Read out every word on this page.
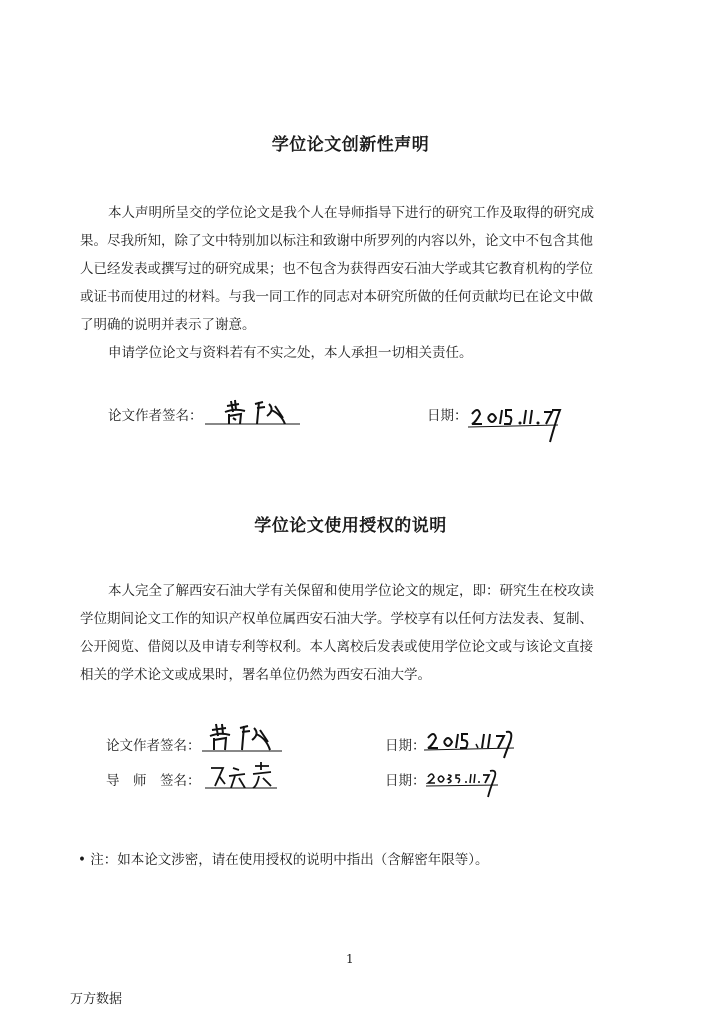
学位论文创新性声明
本人声明所呈交的学位论文是我个人在导师指导下进行的研究工作及取得的研究成
果。尽我所知，除了文中特别加以标注和致谢中所罗列的内容以外，论文中不包含其他
人已经发表或撰写过的研究成果；也不包含为获得西安石油大学或其它教育机构的学位
或证书而使用过的材料。与我一同工作的同志对本研究所做的任何贡献均已在论文中做
了明确的说明并表示了谢意。
申请学位论文与资料若有不实之处，本人承担一切相关责任。
论文作者签名：	日期：
学位论文使用授权的说明
本人完全了解西安石油大学有关保留和使用学位论文的规定，即：研究生在校攻读
学位期间论文工作的知识产权单位属西安石油大学。学校享有以任何方法发表、复制、
公开阅览、借阅以及申请专利等权利。本人离校后发表或使用学位论文或与该论文直接
相关的学术论文或成果时，署名单位仍然为西安石油大学。
论文作者签名：	日期：
导　师　签名：	日期：
• 注：如本论文涉密，请在使用授权的说明中指出（含解密年限等）。
1
万方数据
